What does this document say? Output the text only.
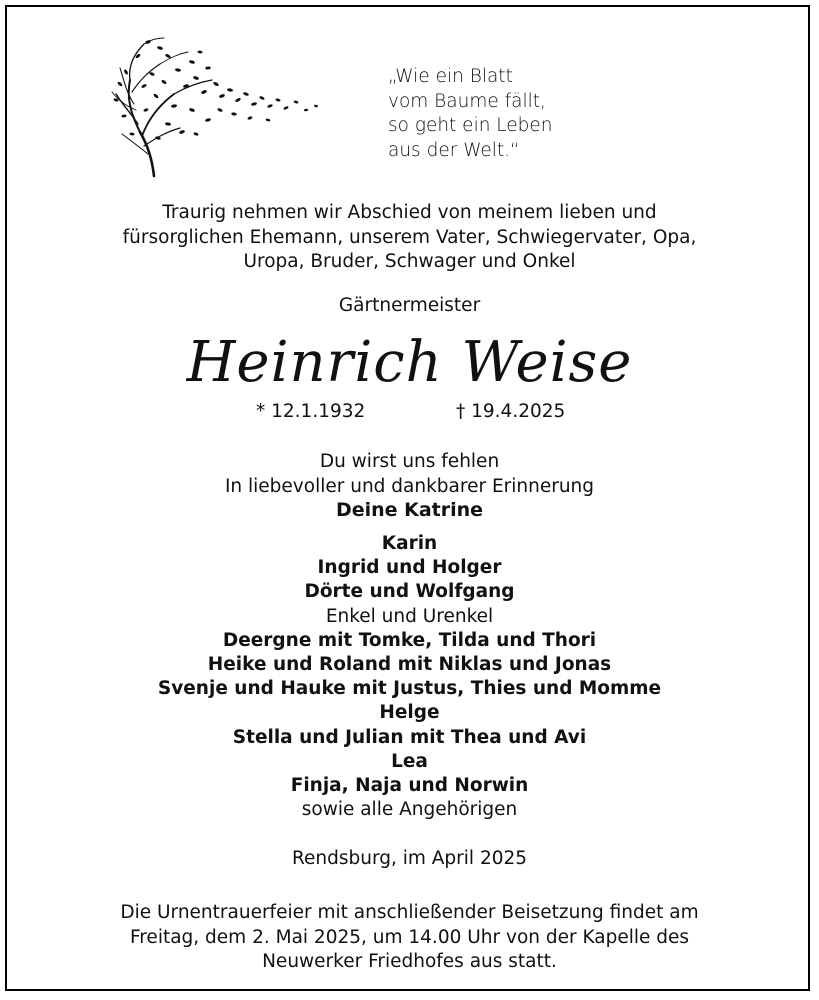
„Wie ein Blatt
vom Baume fällt,
so geht ein Leben
aus der Welt.“
Traurig nehmen wir Abschied von meinem lieben und
fürsorglichen Ehemann, unserem Vater, Schwiegervater, Opa,
Uropa, Bruder, Schwager und Onkel
Gärtnermeister
Heinrich Weise
* 12.1.1932	† 19.4.2025
Du wirst uns fehlen
In liebevoller und dankbarer Erinnerung
Deine Katrine
Karin
Ingrid und Holger
Dörte und Wolfgang
Enkel und Urenkel
Deergne mit Tomke, Tilda und Thori
Heike und Roland mit Niklas und Jonas
Svenje und Hauke mit Justus, Thies und Momme
Helge
Stella und Julian mit Thea und Avi
Lea
Finja, Naja und Norwin
sowie alle Angehörigen
Rendsburg, im April 2025
Die Urnentrauerfeier mit anschließender Beisetzung findet am
Freitag, dem 2. Mai 2025, um 14.00 Uhr von der Kapelle des
Neuwerker Friedhofes aus statt.
